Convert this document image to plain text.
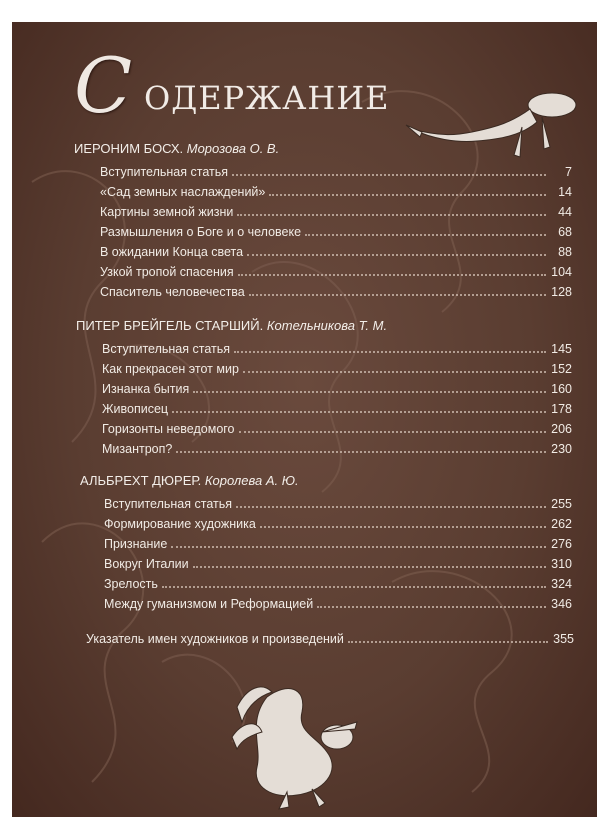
С ОДЕРЖАНИЕ
ИЕРОНИМ БОСХ. Морозова О. В.
Вступительная статья	7
«Сад земных наслаждений»	14
Картины земной жизни	44
Размышления о Боге и о человеке	68
В ожидании Конца света	88
Узкой тропой спасения	104
Спаситель человечества	128
ПИТЕР БРЕЙГЕЛЬ СТАРШИЙ. Котельникова Т. М.
Вступительная статья	145
Как прекрасен этот мир	152
Изнанка бытия	160
Живописец	178
Горизонты неведомого	206
Мизантроп?	230
АЛЬБРЕХТ ДЮРЕР. Королева А. Ю.
Вступительная статья	255
Формирование художника	262
Признание	276
Вокруг Италии	310
Зрелость	324
Между гуманизмом и Реформацией	346
Указатель имен художников и произведений	355
